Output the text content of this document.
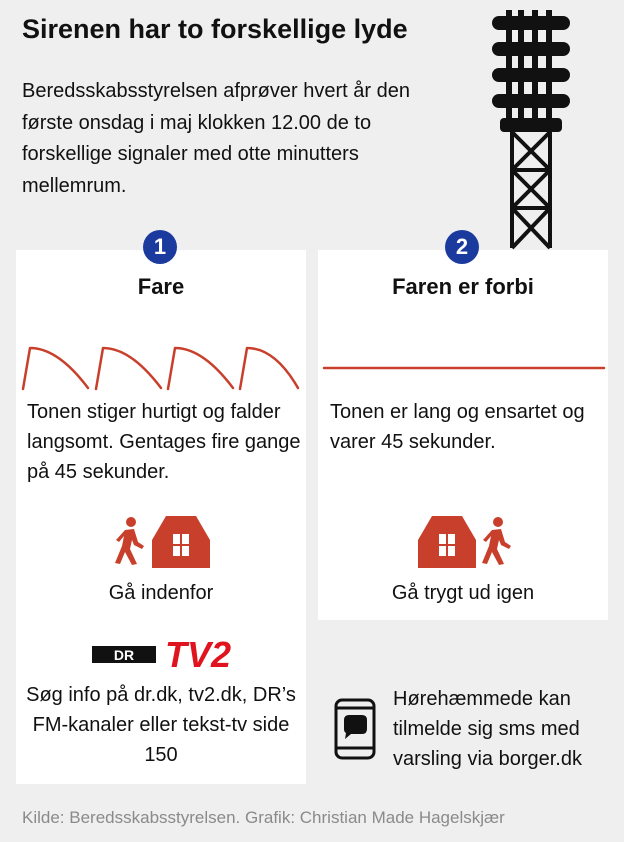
Sirenen har to forskellige lyde

Beredsskabsstyrelsen afprøver hvert år den første onsdag i maj klokken 12.00 de to forskellige signaler med otte minutters mellemrum.

1	2
Fare	Faren er forbi

Tonen stiger hurtigt og falder langsomt. Gentages fire gange på 45 sekunder.

Tonen er lang og ensartet og varer 45 sekunder.

Gå indenfor	Gå trygt ud igen
DR TV2

Søg info på dr.dk, tv2.dk, DR’s FM-kanaler eller tekst-tv side 150

Hørehæmmede kan tilmelde sig sms med varsling via borger.dk

Kilde: Beredsskabsstyrelsen. Grafik: Christian Made Hagelskjær
